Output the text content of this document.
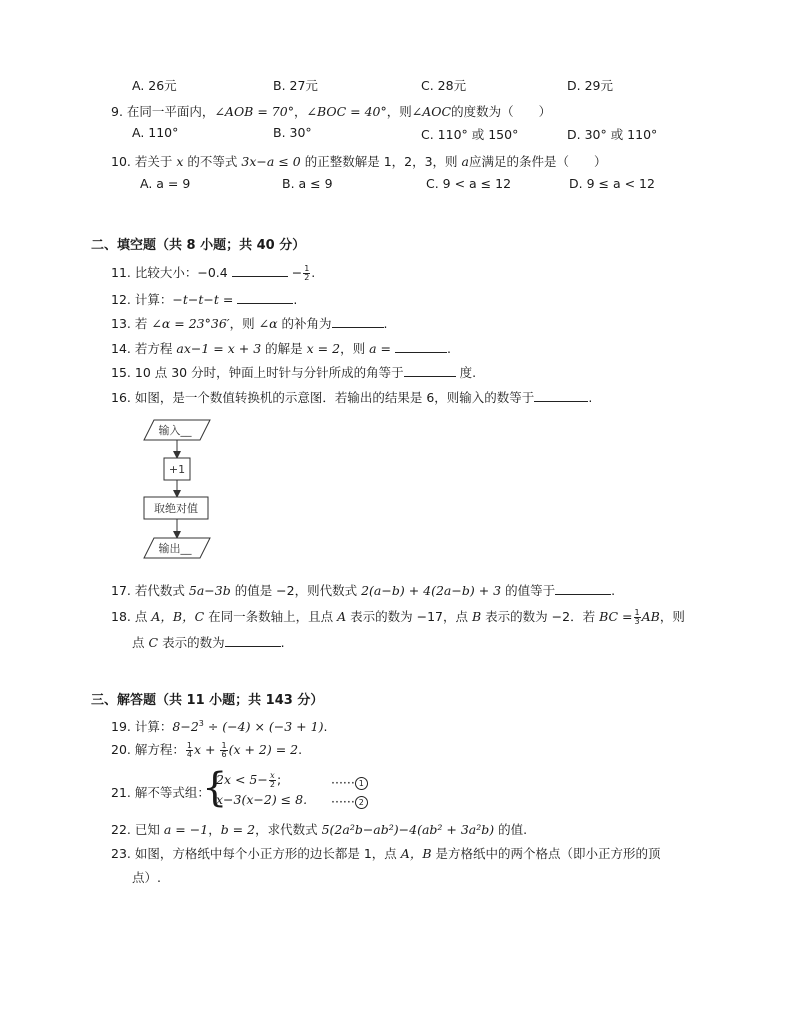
A. 26元	B. 27元	C. 28元	D. 29元
9. 在同一平面内，∠AOB = 70°，∠BOC = 40°，则∠AOC的度数为（　　）
A. 110°	B. 30°	C. 110° 或 150°	D. 30° 或 110°
10. 若关于 x 的不等式 3x−a ≤ 0 的正整数解是 1，2，3，则 a应满足的条件是（　　）
A. a = 9	B. a ≤ 9	C. 9 < a ≤ 12	D. 9 ≤ a < 12
二、填空题（共 8 小题；共 40 分）
11. 比较大小：−0.4	− $\frac{1}{2}$ .
12. 计算：−t−t−t =	.
13. 若 ∠α = 23°36′，则 ∠α 的补角为	.
14. 若方程 ax−1 = x + 3 的解是 x = 2，则 a =	.
15. 10 点 30 分时，钟面上时针与分针所成的角等于	度.
16. 如图，是一个数值转换机的示意图．若输出的结果是 6，则输入的数等于	.
输入__
+1
取绝对值
输出__
17. 若代数式 5a−3b 的值是 −2，则代数式 2(a−b) + 4(2a−b) + 3 的值等于	.
18. 点 A，B，C 在同一条数轴上，且点 A 表示的数为 −17，点 B 表示的数为 −2．若 BC = $\frac{1}{3}$ AB，则
点 C 表示的数为	.
三、解答题（共 11 小题；共 143 分）
19. 计算：$8-2^3 \div (-4) \times (-3 + 1)$.
20. 解方程： $\frac{1}{4}$ $x + \frac{1}{6} (x + 2) = 2$.
21. 解不等式组：
{
$2x < 5- \frac{x}{2}$ ;
x−3(x−2) ≤ 8.
······ 1
······ 2
22. 已知 a = −1，b = 2，求代数式 5(2a²b−ab²)−4(ab² + 3a²b) 的值.
23. 如图，方格纸中每个小正方形的边长都是 1，点 A，B 是方格纸中的两个格点（即小正方形的顶
点）.
